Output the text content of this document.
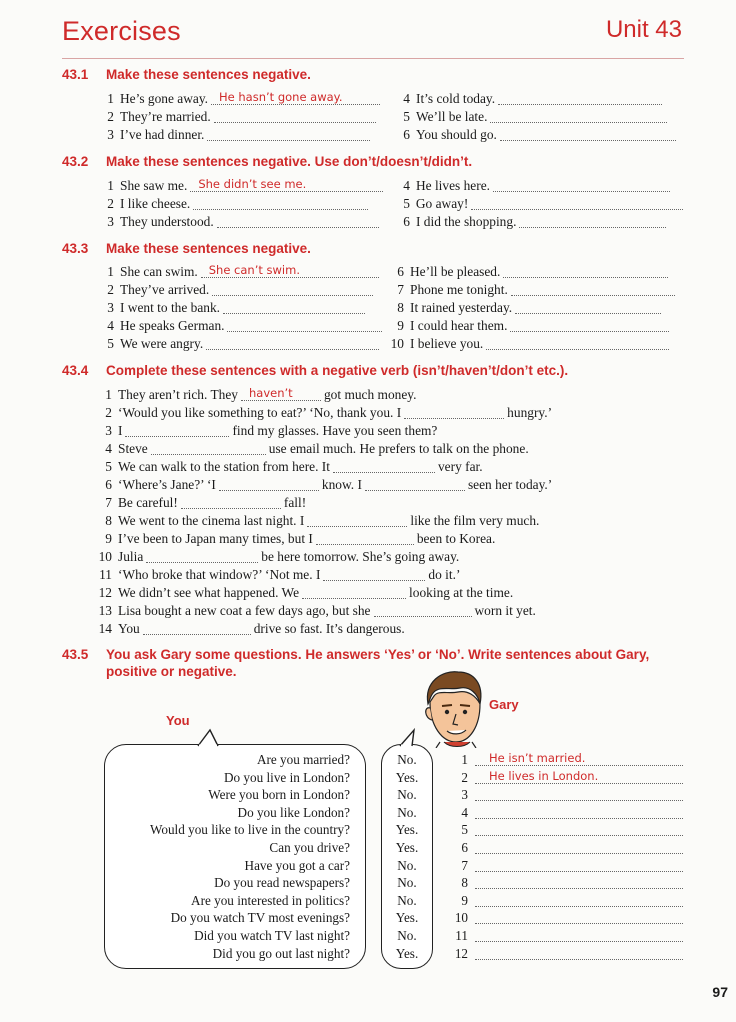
Exercises	Unit 43
43.1 Make these sentences negative.
1 He’s gone away. He hasn’t gone away.
2 They’re married.
3 I’ve had dinner.
4 It’s cold today.
5 We’ll be late.
6 You should go.
43.2 Make these sentences negative. Use don’t/doesn’t/didn’t.
1 She saw me. She didn’t see me.
2 I like cheese.
3 They understood.
4 He lives here.
5 Go away!
6 I did the shopping.
43.3 Make these sentences negative.
1 She can swim. She can’t swim.
2 They’ve arrived.
3 I went to the bank.
4 He speaks German.
5 We were angry.
6 He’ll be pleased.
7 Phone me tonight.
8 It rained yesterday.
9 I could hear them.
10 I believe you.
43.4 Complete these sentences with a negative verb (isn’t/haven’t/don’t etc.).
1 They aren’t rich. They haven’t got much money.
2 ‘Would you like something to eat?’ ‘No, thank you. I	hungry.’
3 I	find my glasses. Have you seen them?
4 Steve	use email much. He prefers to talk on the phone.
5 We can walk to the station from here. It	very far.
6 ‘Where’s Jane?’ ‘I	know. I	seen her today.’
7 Be careful!	fall!
8 We went to the cinema last night. I	like the film very much.
9 I’ve been to Japan many times, but I	been to Korea.
10 Julia	be here tomorrow. She’s going away.
11 ‘Who broke that window?’ ‘Not me. I	do it.’
12 We didn’t see what happened. We	looking at the time.
13 Lisa bought a new coat a few days ago, but she	worn it yet.
14 You	drive so fast. It’s dangerous.
43.5 You ask Gary some questions. He answers ‘Yes’ or ‘No’. Write sentences about Gary,
positive or negative.
Gary
You
Are you married?	No.	1 He isn’t married.
Do you live in London?	Yes.	2 He lives in London.
Were you born in London?	No.	3
Do you like London?	No.	4
Would you like to live in the country?	Yes.	5
Can you drive?	Yes.	6
Have you got a car?	No.	7
Do you read newspapers?	No.	8
Are you interested in politics?	No.	9
Do you watch TV most evenings?	Yes.	10
Did you watch TV last night?	No.	11
Did you go out last night?	Yes.	12
97
